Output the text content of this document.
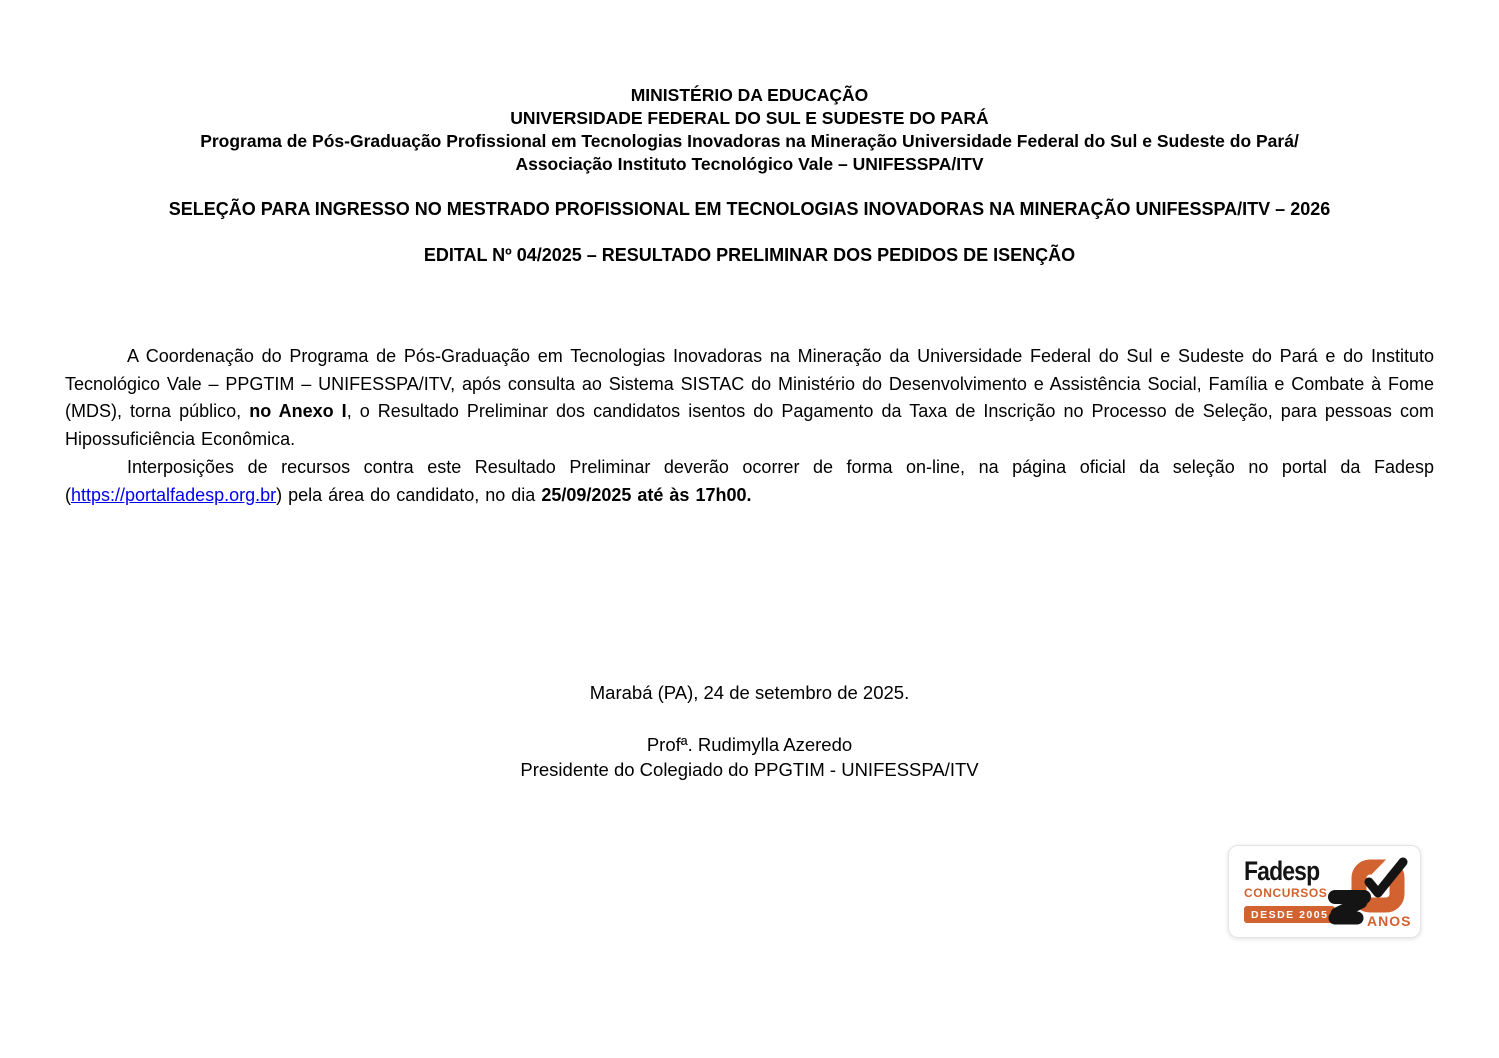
MINISTÉRIO DA EDUCAÇÃO
UNIVERSIDADE FEDERAL DO SUL E SUDESTE DO PARÁ
Programa de Pós-Graduação Profissional em Tecnologias Inovadoras na Mineração Universidade Federal do Sul e Sudeste do Pará/
Associação Instituto Tecnológico Vale – UNIFESSPA/ITV
SELEÇÃO PARA INGRESSO NO MESTRADO PROFISSIONAL EM TECNOLOGIAS INOVADORAS NA MINERAÇÃO UNIFESSPA/ITV – 2026
EDITAL Nº 04/2025 – RESULTADO PRELIMINAR DOS PEDIDOS DE ISENÇÃO

A Coordenação do Programa de Pós-Graduação em Tecnologias Inovadoras na Mineração da Universidade Federal do Sul e Sudeste do Pará e do Instituto Tecnológico Vale – PPGTIM – UNIFESSPA/ITV, após consulta ao Sistema SISTAC do Ministério do Desenvolvimento e Assistência Social, Família e Combate à Fome (MDS), torna público, no Anexo I, o Resultado Preliminar dos candidatos isentos do Pagamento da Taxa de Inscrição no Processo de Seleção, para pessoas com Hipossuficiência Econômica.

Interposições de recursos contra este Resultado Preliminar deverão ocorrer de forma on-line, na página oficial da seleção no portal da Fadesp (https://portalfadesp.org.br) pela área do candidato, no dia 25/09/2025 até às 17h00.

Marabá (PA), 24 de setembro de 2025.
Profª. Rudimylla Azeredo
Presidente do Colegiado do PPGTIM - UNIFESSPA/ITV
Fadesp
CONCURSOS
DESDE 2005	ANOS
